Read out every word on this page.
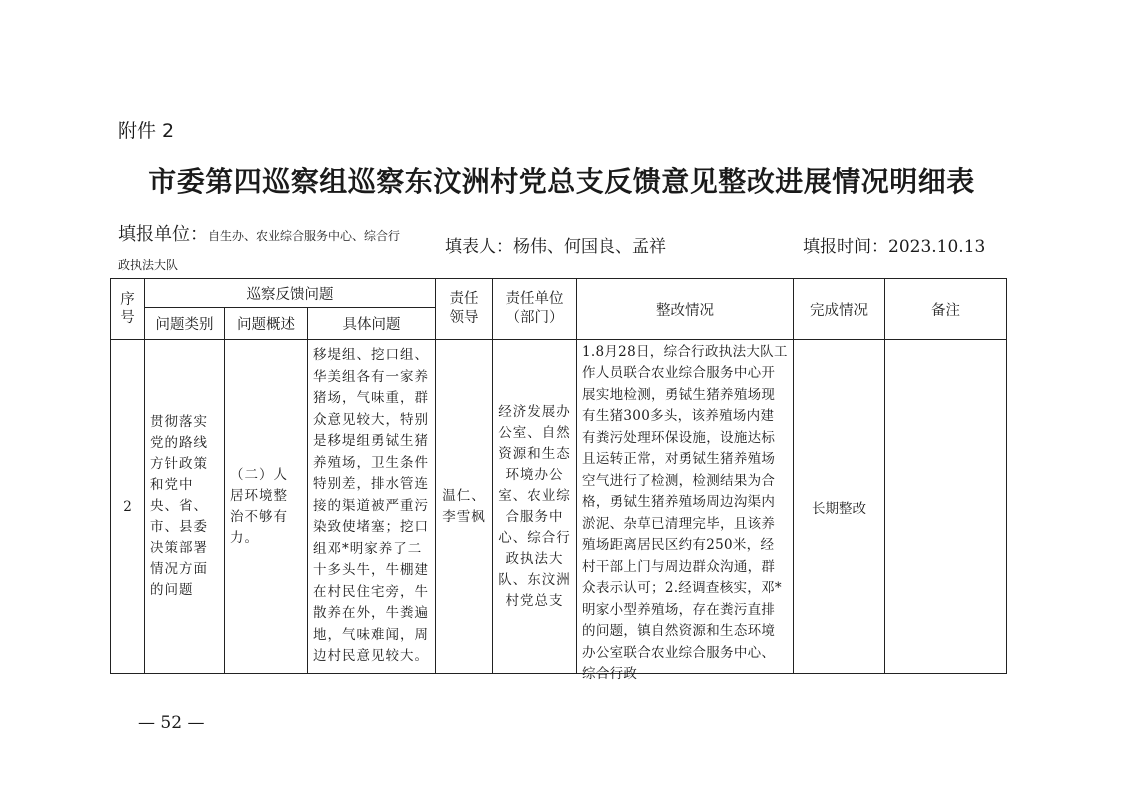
附件 2
市委第四巡察组巡察东汶洲村党总支反馈意见整改进展情况明细表
填报单位：自生办、农业综合服务中心、综合行
政执法大队
填表人：杨伟、何国良、孟祥	填报时间：2023.10.13
序号	巡察反馈问题			责任领导	责任单位（部门）	整改情况	完成情况	备注
	问题类别	问题概述	具体问题					
2	贯彻落实党的路线方针政策和党中央、省、市、县委决策部署情况方面的问题	（二）人居环境整治不够有力。	移堤组、挖口组、华美组各有一家养猪场，气味重，群众意见较大，特别是移堤组勇铽生猪养殖场，卫生条件特别差，排水管连接的渠道被严重污染致使堵塞；挖口组邓*明家养了二十多头牛，牛棚建在村民住宅旁，牛散养在外，牛粪遍地，气味难闻，周边村民意见较大。	温仁、李雪枫	经济发展办公室、自然资源和生态环境办公室、农业综合服务中心、综合行政执法大队、东汶洲村党总支	1.8月28日，综合行政执法大队工作人员联合农业综合服务中心开展实地检测，勇铽生猪养殖场现有生猪300多头，该养殖场内建有粪污处理环保设施，设施达标且运转正常，对勇铽生猪养殖场空气进行了检测，检测结果为合格，勇铽生猪养殖场周边沟渠内淤泥、杂草已清理完毕，且该养殖场距离居民区约有250米，经村干部上门与周边群众沟通，群众表示认可；2.经调查核实，邓*明家小型养殖场，存在粪污直排的问题，镇自然资源和生态环境办公室联合农业综合服务中心、综合行政	长期整改	
— 52 —
